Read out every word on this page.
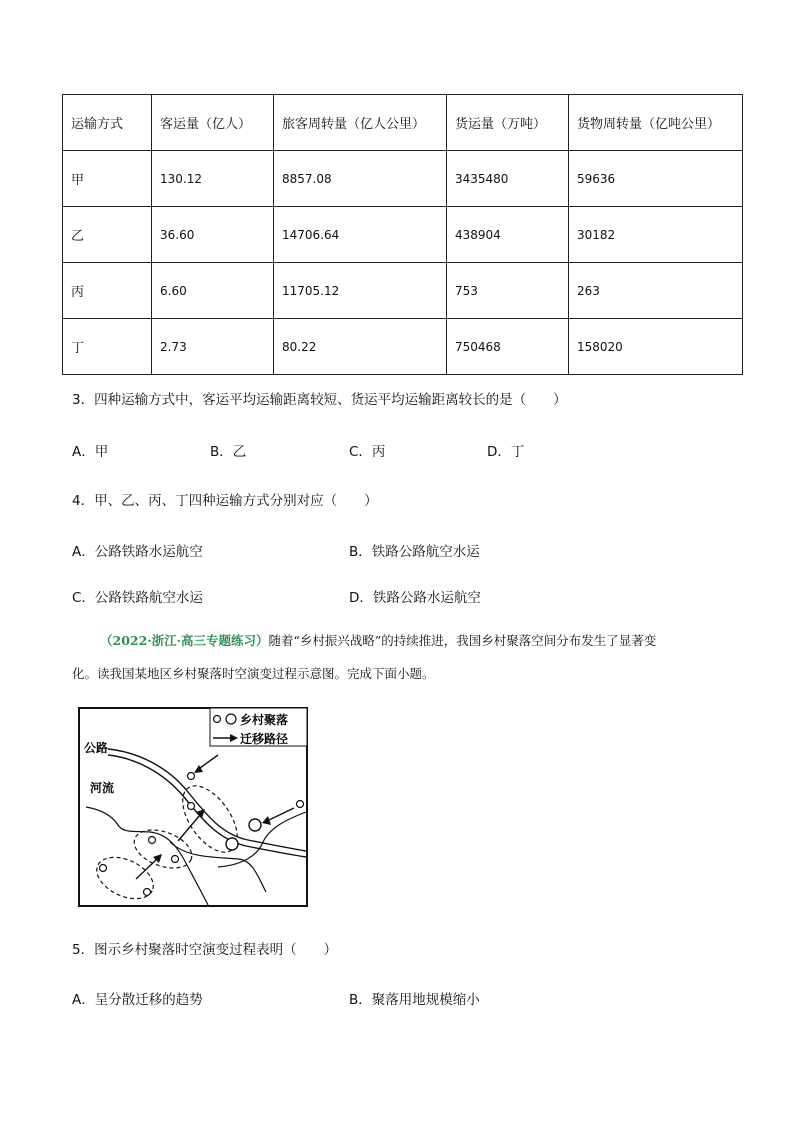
运输方式	客运量（亿人）	旅客周转量（亿人公里）	货运量（万吨）	货物周转量（亿吨公里）
甲	130.12	8857.08	3435480	59636
乙	36.60	14706.64	438904	30182
丙	6.60	11705.12	753	263
丁	2.73	80.22	750468	158020
3．四种运输方式中，客运平均运输距离较短、货运平均运输距离较长的是（　　）
A．甲	B．乙	C．丙	D．丁
4．甲、乙、丙、丁四种运输方式分别对应（　　）
A．公路铁路水运航空	B．铁路公路航空水运
C．公路铁路航空水运	D．铁路公路水运航空
（2022·浙江·高三专题练习）随着“乡村振兴战略”的持续推进，我国乡村聚落空间分布发生了显著变
化。读我国某地区乡村聚落时空演变过程示意图。完成下面小题。
乡村聚落
迁移路径
公路
河流
5．图示乡村聚落时空演变过程表明（　　）
A．呈分散迁移的趋势	B．聚落用地规模缩小
